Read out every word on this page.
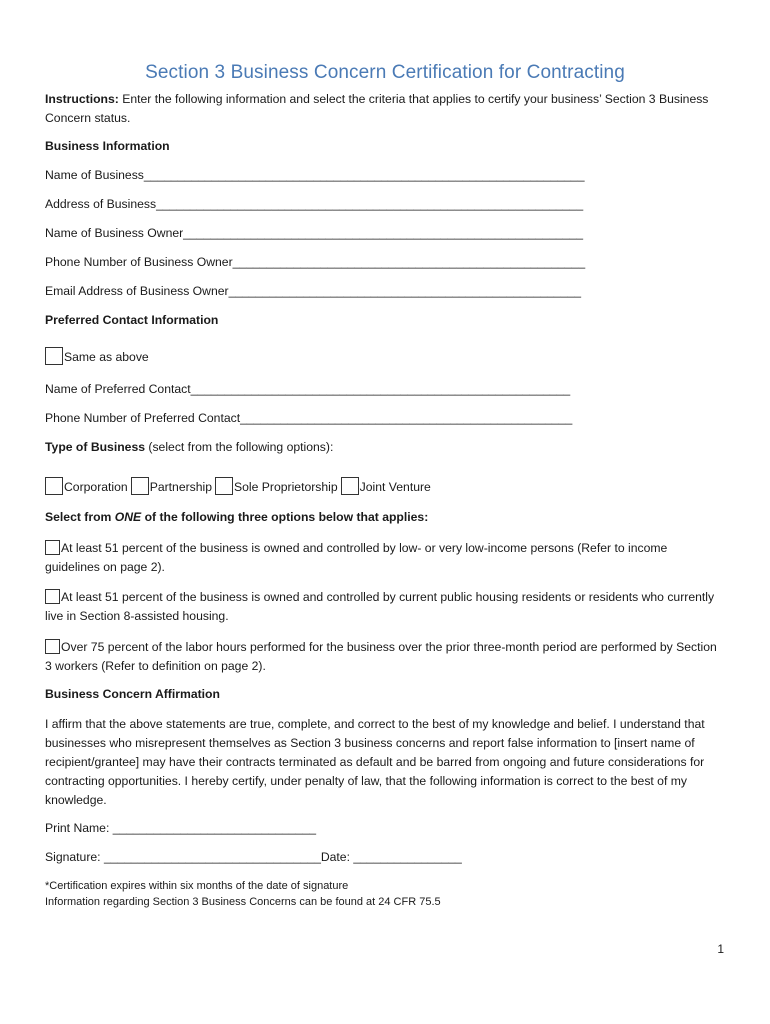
Section 3 Business Concern Certification for Contracting
Instructions: Enter the following information and select the criteria that applies to certify your business’ Section 3 Business Concern status.
Business Information
Name of Business_________________________________________________________________
Address of Business_______________________________________________________________
Name of Business Owner___________________________________________________________
Phone Number of Business Owner____________________________________________________
Email Address of Business Owner____________________________________________________
Preferred Contact Information
Same as above
Name of Preferred Contact________________________________________________________
Phone Number of Preferred Contact_________________________________________________
Type of Business (select from the following options):
Corporation Partnership Sole Proprietorship Joint Venture
Select from ONE of the following three options below that applies:
At least 51 percent of the business is owned and controlled by low- or very low-income persons (Refer to income guidelines on page 2).
At least 51 percent of the business is owned and controlled by current public housing residents or residents who currently live in Section 8-assisted housing.
Over 75 percent of the labor hours performed for the business over the prior three-month period are performed by Section 3 workers (Refer to definition on page 2).
Business Concern Affirmation
I affirm that the above statements are true, complete, and correct to the best of my knowledge and belief. I understand that businesses who misrepresent themselves as Section 3 business concerns and report false information to [insert name of recipient/grantee] may have their contracts terminated as default and be barred from ongoing and future considerations for contracting opportunities. I hereby certify, under penalty of law, that the following information is correct to the best of my knowledge.
Print Name: ______________________________
Signature: ________________________________Date: ________________
*Certification expires within six months of the date of signature
Information regarding Section 3 Business Concerns can be found at 24 CFR 75.5
1
